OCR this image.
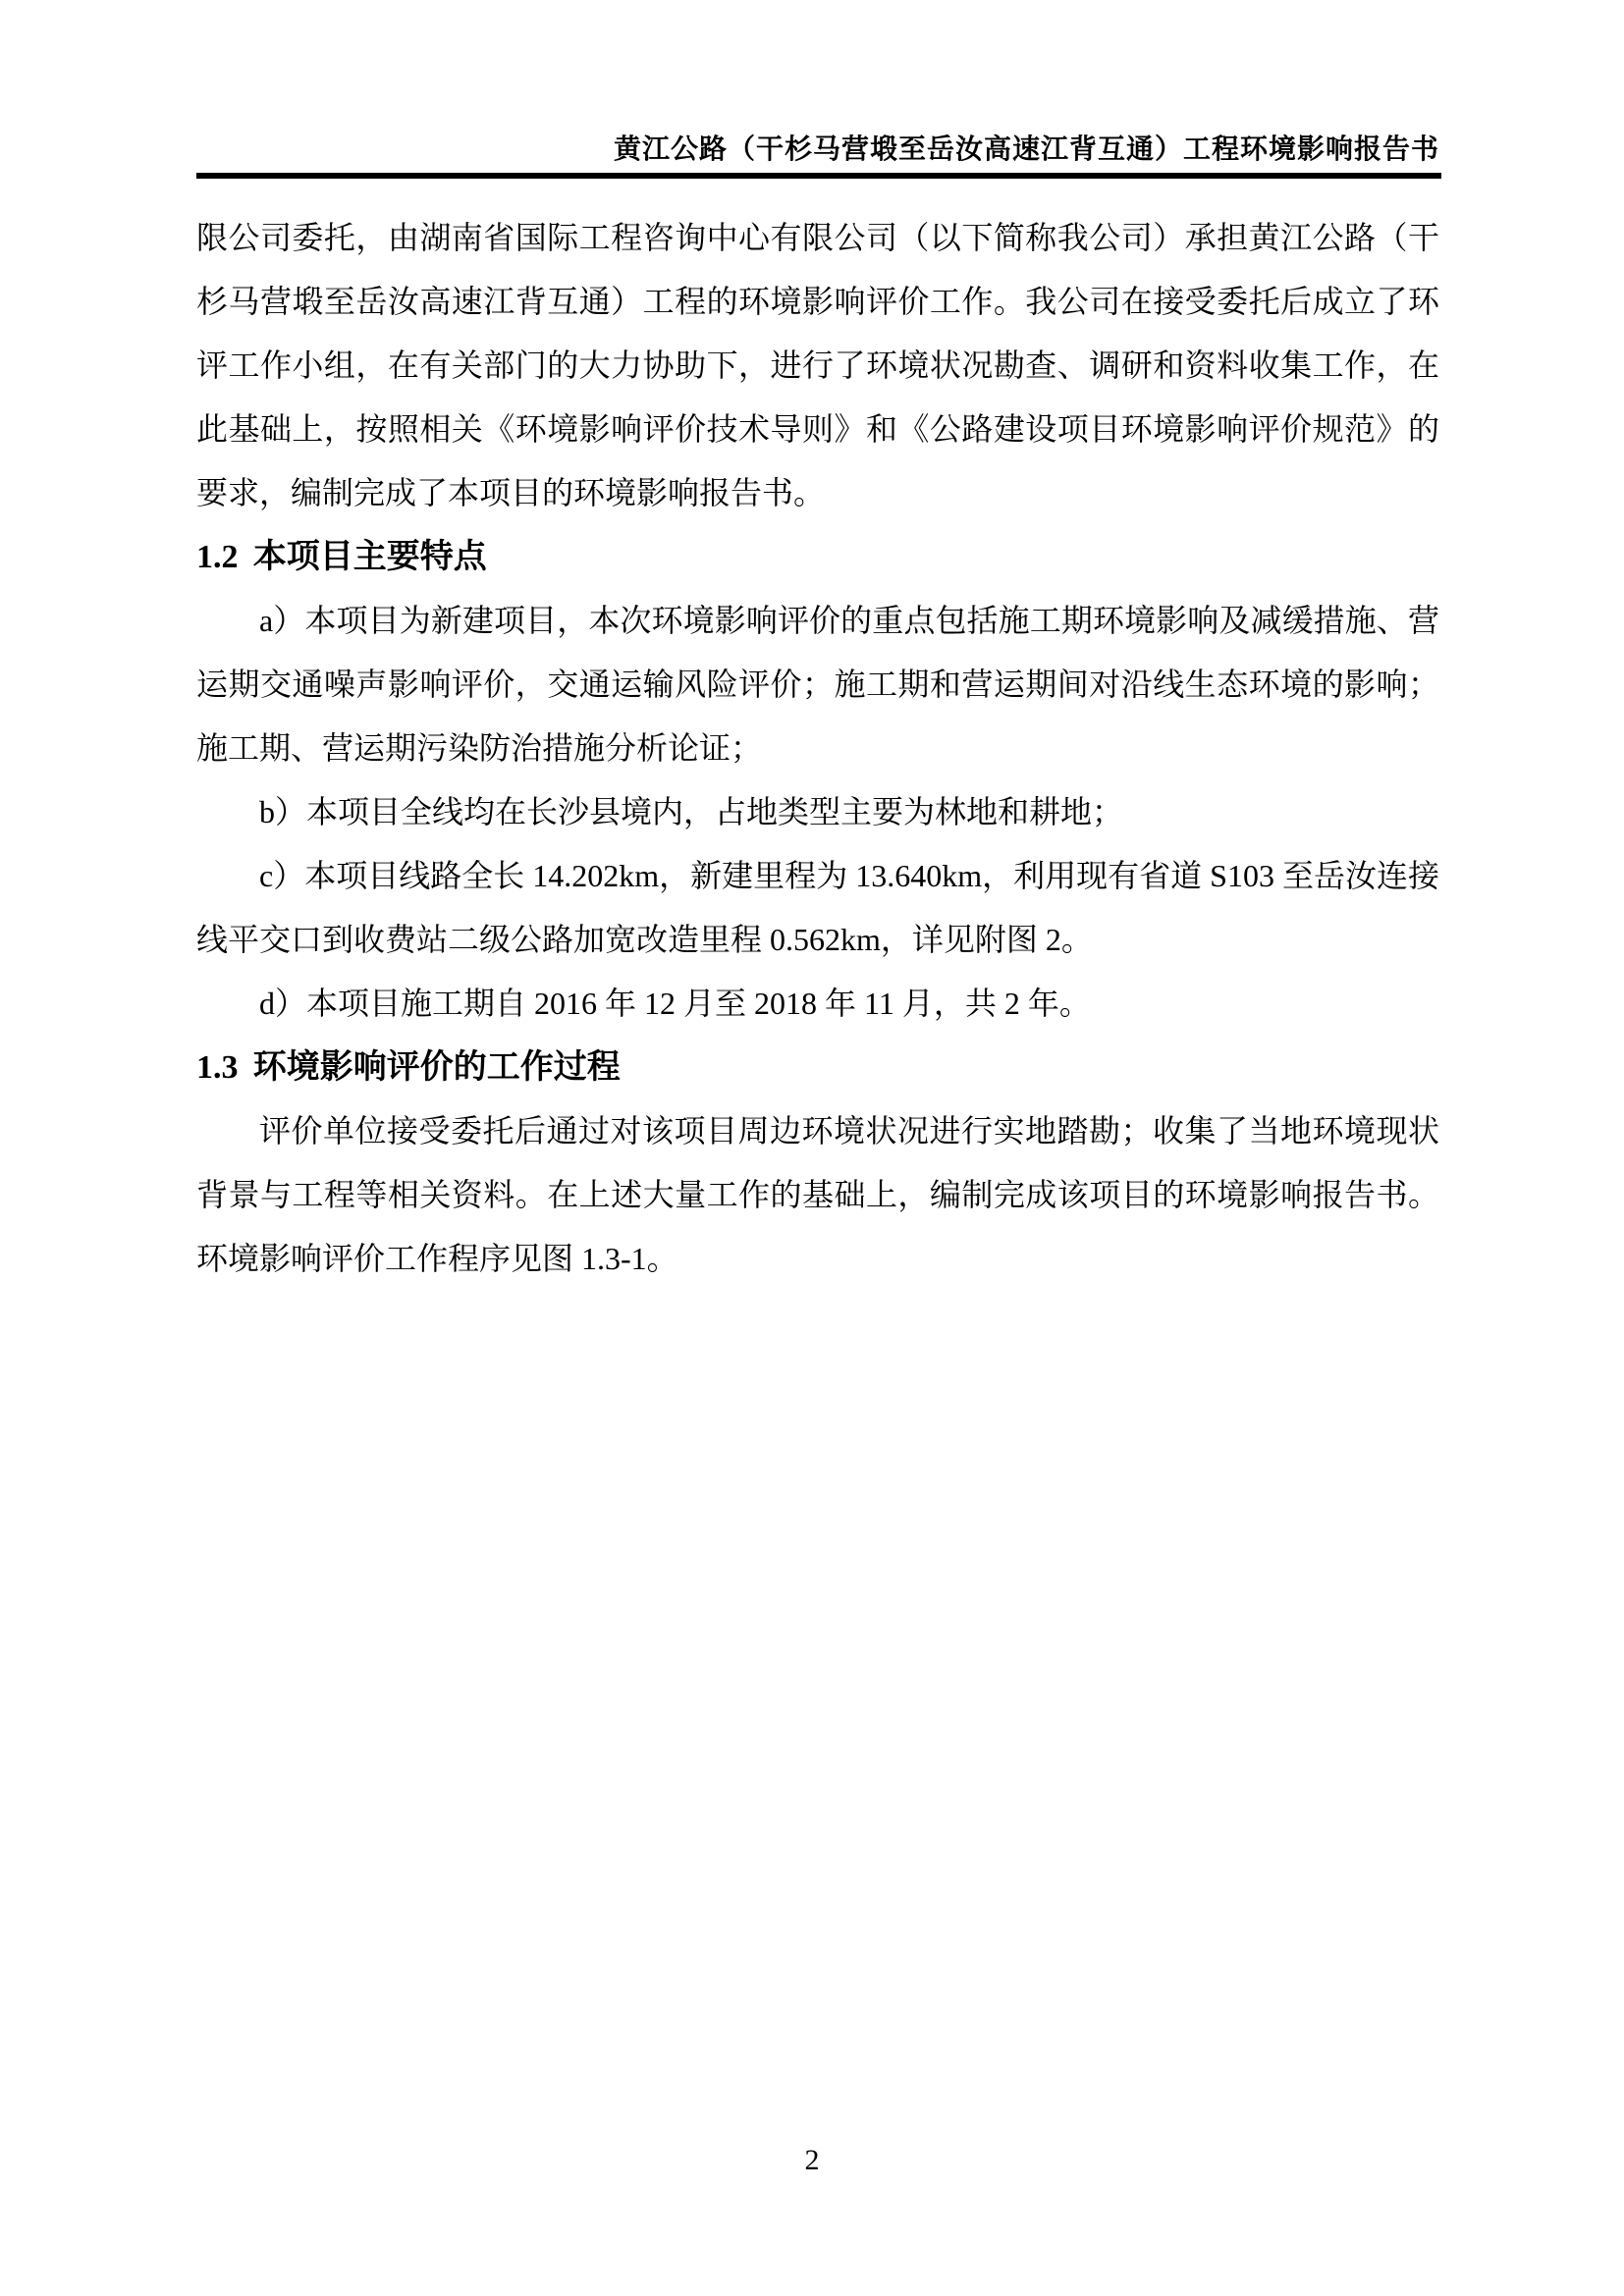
黄江公路（干杉马营塅至岳汝高速江背互通）工程环境影响报告书

限公司委托，由湖南省国际工程咨询中心有限公司（以下简称我公司）承担黄江公路（干杉马营塅至岳汝高速江背互通）工程的环境影响评价工作。我公司在接受委托后成立了环评工作小组，在有关部门的大力协助下，进行了环境状况勘查、调研和资料收集工作，在此基础上，按照相关《环境影响评价技术导则》和《公路建设项目环境影响评价规范》的要求，编制完成了本项目的环境影响报告书。

1.2 本项目主要特点

a）本项目为新建项目，本次环境影响评价的重点包括施工期环境影响及减缓措施、营运期交通噪声影响评价，交通运输风险评价；施工期和营运期间对沿线生态环境的影响；施工期、营运期污染防治措施分析论证；

b）本项目全线均在长沙县境内，占地类型主要为林地和耕地；

c）本项目线路全长 14.202km，新建里程为 13.640km，利用现有省道 S103 至岳汝连接线平交口到收费站二级公路加宽改造里程 0.562km，详见附图 2。

d）本项目施工期自 2016 年 12 月至 2018 年 11 月，共 2 年。

1.3 环境影响评价的工作过程

评价单位接受委托后通过对该项目周边环境状况进行实地踏勘；收集了当地环境现状背景与工程等相关资料。在上述大量工作的基础上，编制完成该项目的环境影响报告书。环境影响评价工作程序见图 1.3-1。

2
